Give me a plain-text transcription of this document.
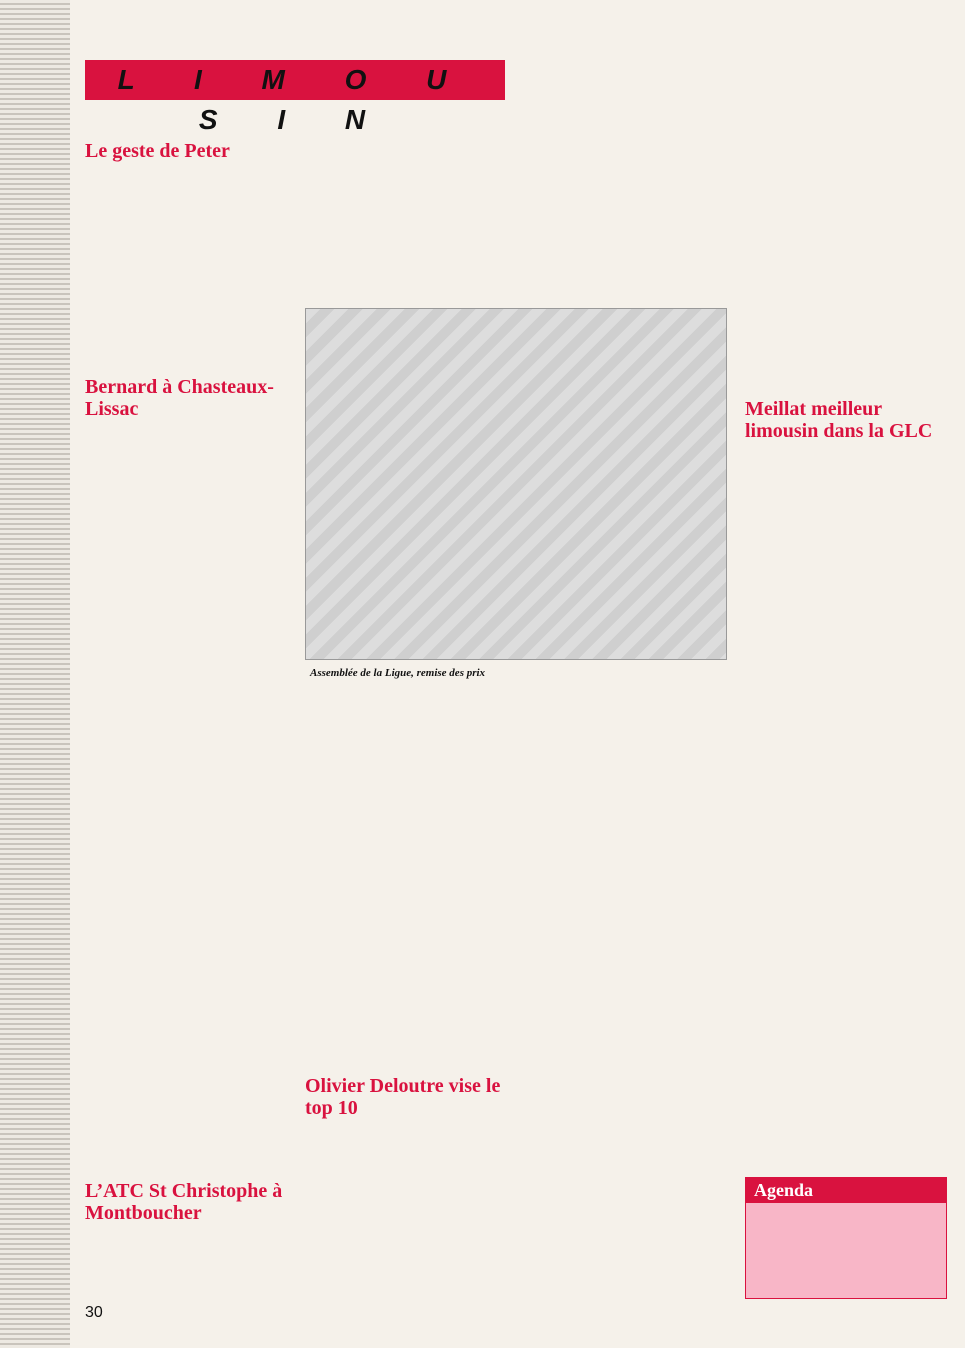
L I M O U S I N
Le geste de Peter
Bernard à Chasteaux-Lissac
L’ATC St Christophe à Montboucher
Olivier Deloutre vise le top 10
Meillat meilleur limousin dans la GLC
Assemblée de la Ligue, remise des prix
Agenda
30
